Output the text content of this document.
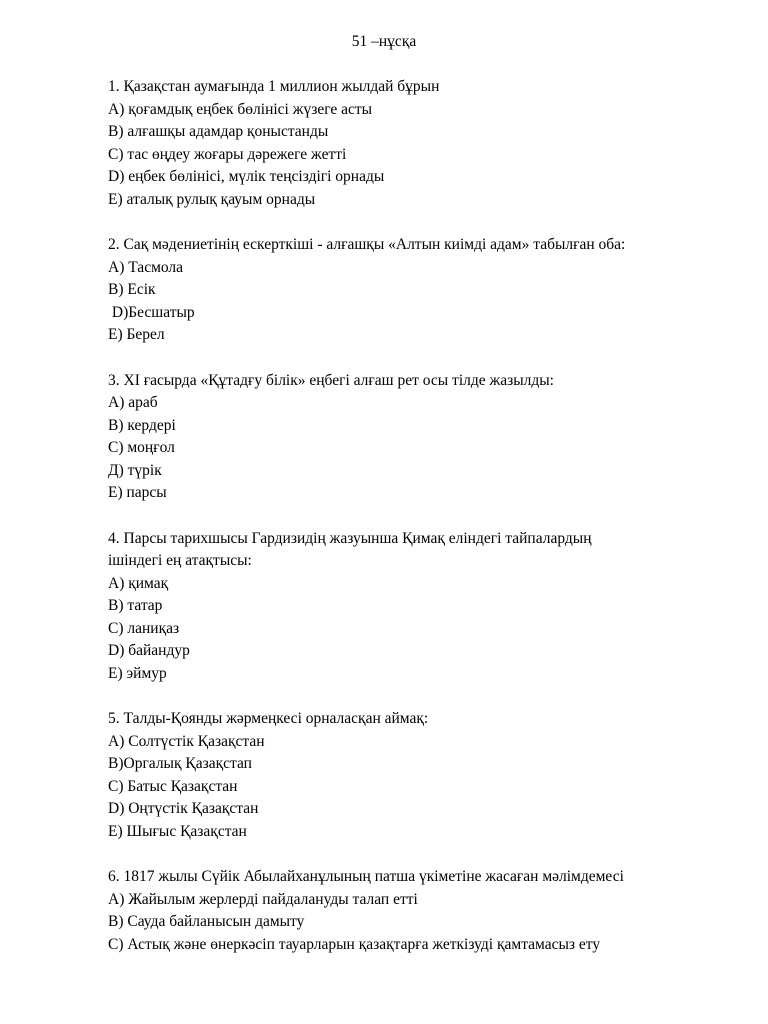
51 –нұсқа
1. Қазақстан аумағында 1 миллион жылдай бұрын
A) қоғамдық еңбек бөлінісі жүзеге асты
B) алғашқы адамдар қоныстанды
C) тас өңдеу жоғары дәрежеге жетті
D) еңбек бөлінісі, мүлік теңсіздігі орнады
E) аталық рулық қауым орнады
2. Сақ мәдениетінің ескерткіші - алғашқы «Алтын киімді адам» табылған оба:
A) Тасмола
B) Есік
D)Бесшатыр
E) Берел
3. XI ғасырда «Құтадғу білік» еңбегі алғаш рет осы тілде жазылды:
A) араб
B) кердері
C) моңғол
Д) түрік
E) парсы
4. Парсы тарихшысы Гардизидің жазуынша Қимақ еліндегі тайпалардың
ішіндегі ең атақтысы:
A) қимақ
B) татар
C) ланиқаз
D) байандур
E) эймур
5. Талды-Қоянды жәрмеңкесі орналасқан аймақ:
A) Солтүстік Қазақстан
B)Оргалық Қазақстап
C) Батыс Қазақстан
D) Оңтүстік Қазақстан
E) Шығыс Қазақстан
6. 1817 жылы Сүйік Абылайханұлының патша үкіметіне жасаған мәлімдемесі
A) Жайылым жерлерді пайдалануды талап етті
B) Сауда байланысын дамыту
C) Астық және өнеркәсіп тауарларын қазақтарға жеткізуді қамтамасыз ету
